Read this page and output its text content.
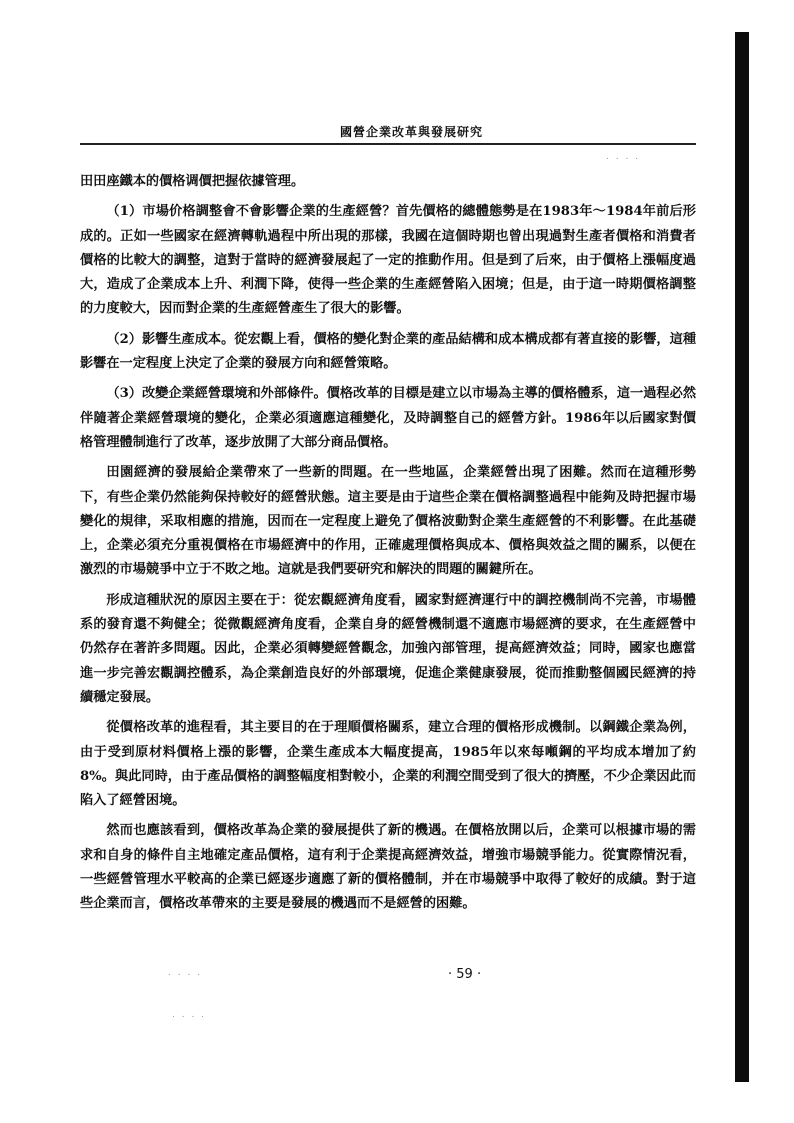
. . . .
國營企業改革與發展研究

田田座鐵本的價格调價把握依據管理。

（1）市場价格調整會不會影響企業的生產經營？首先價格的總體態勢是在1983年～1984年前后形成的。正如一些國家在經濟轉軌過程中所出現的那樣，我國在這個時期也曾出現過對生產者價格和消費者價格的比較大的調整，這對于當時的經濟發展起了一定的推動作用。但是到了后來，由于價格上漲幅度過大，造成了企業成本上升、利潤下降，使得一些企業的生產經營陷入困境；但是，由于這一時期價格調整的力度較大，因而對企業的生產經營產生了很大的影響。

（2）影響生產成本。從宏觀上看，價格的變化對企業的產品結構和成本構成都有著直接的影響，這種影響在一定程度上決定了企業的發展方向和經營策略。

（3）改變企業經營環境和外部條件。價格改革的目標是建立以市場為主導的價格體系，這一過程必然伴隨著企業經營環境的變化，企業必須適應這種變化，及時調整自己的經營方針。1986年以后國家對價格管理體制進行了改革，逐步放開了大部分商品價格。

田園經濟的發展給企業帶來了一些新的問題。在一些地區，企業經營出現了困難。然而在這種形勢下，有些企業仍然能夠保持較好的經營狀態。這主要是由于這些企業在價格調整過程中能夠及時把握市場變化的規律，采取相應的措施，因而在一定程度上避免了價格波動對企業生產經營的不利影響。在此基礎上，企業必須充分重視價格在市場經濟中的作用，正確處理價格與成本、價格與效益之間的關系，以便在激烈的市場競爭中立于不敗之地。這就是我們要研究和解決的問題的關鍵所在。

形成這種狀況的原因主要在于：從宏觀經濟角度看，國家對經濟運行中的調控機制尚不完善，市場體系的發育還不夠健全；從微觀經濟角度看，企業自身的經營機制還不適應市場經濟的要求，在生產經營中仍然存在著許多問題。因此，企業必須轉變經營觀念，加強內部管理，提高經濟效益；同時，國家也應當進一步完善宏觀調控體系，為企業創造良好的外部環境，促進企業健康發展，從而推動整個國民經濟的持續穩定發展。

從價格改革的進程看，其主要目的在于理順價格關系，建立合理的價格形成機制。以鋼鐵企業為例，由于受到原材料價格上漲的影響，企業生產成本大幅度提高，1985年以來每噸鋼的平均成本增加了約8%。與此同時，由于產品價格的調整幅度相對較小，企業的利潤空間受到了很大的擠壓，不少企業因此而陷入了經營困境。

然而也應該看到，價格改革為企業的發展提供了新的機遇。在價格放開以后，企業可以根據市場的需求和自身的條件自主地確定產品價格，這有利于企業提高經濟效益，增強市場競爭能力。從實際情況看，一些經營管理水平較高的企業已經逐步適應了新的價格體制，并在市場競爭中取得了較好的成績。對于這些企業而言，價格改革帶來的主要是發展的機遇而不是經營的困難。

. . . .
. . . .
· 59 ·
